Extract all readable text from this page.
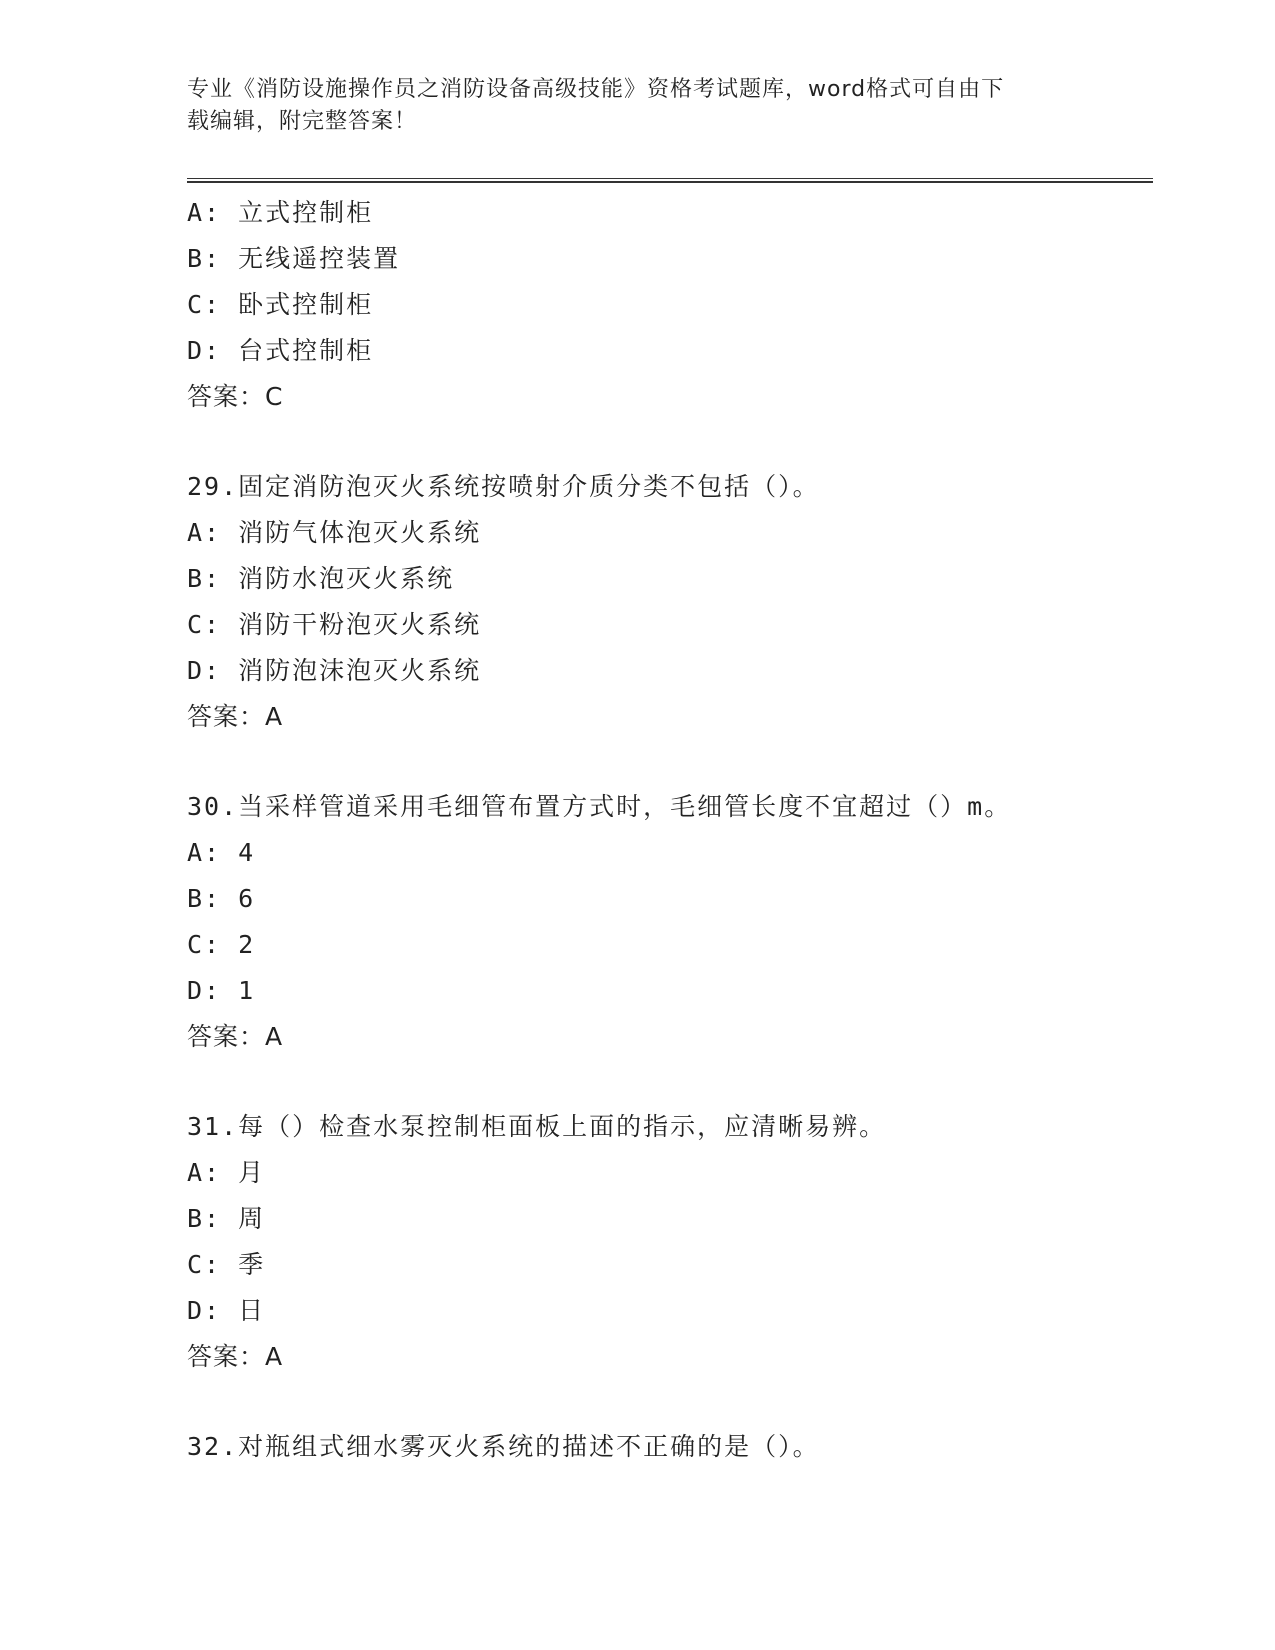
专业《消防设施操作员之消防设备高级技能》资格考试题库，word格式可自由下
载编辑，附完整答案！
A: 立式控制柜
B: 无线遥控装置
C: 卧式控制柜
D: 台式控制柜
答案：C
29.固定消防泡灭火系统按喷射介质分类不包括（）。
A: 消防气体泡灭火系统
B: 消防水泡灭火系统
C: 消防干粉泡灭火系统
D: 消防泡沫泡灭火系统
答案：A
30.当采样管道采用毛细管布置方式时，毛细管长度不宜超过（）m。
A: 4
B: 6
C: 2
D: 1
答案：A
31.每（）检查水泵控制柜面板上面的指示，应清晰易辨。
A: 月
B: 周
C: 季
D: 日
答案：A
32.对瓶组式细水雾灭火系统的描述不正确的是（）。
